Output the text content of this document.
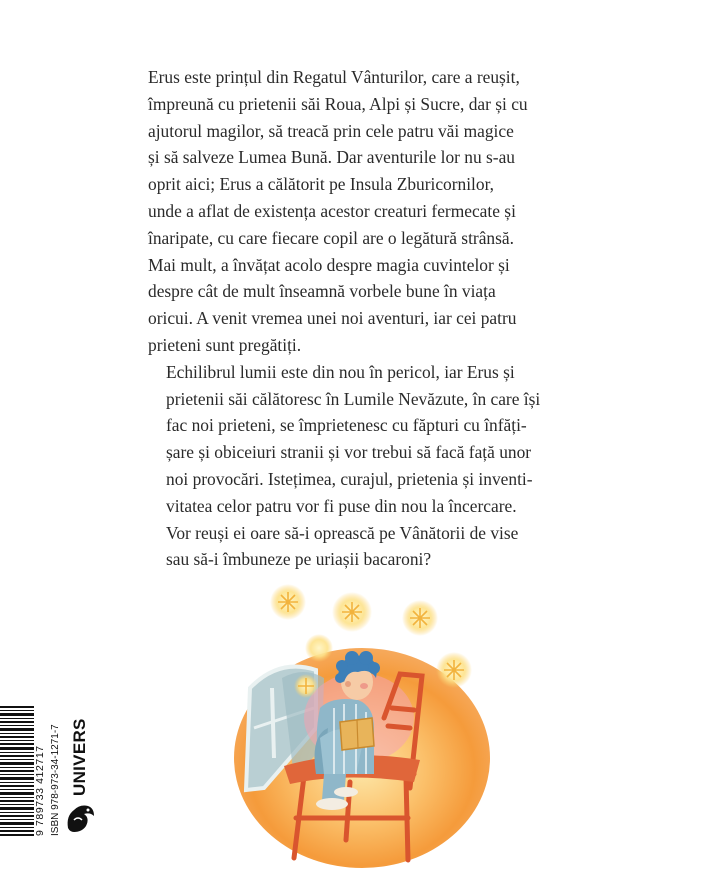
Erus este prințul din Regatul Vânturilor, care a reușit,
împreună cu prietenii săi Roua, Alpi și Sucre, dar și cu
ajutorul magilor, să treacă prin cele patru văi magice
și să salveze Lumea Bună. Dar aventurile lor nu s-au
oprit aici; Erus a călătorit pe Insula Zburicornilor,
unde a aflat de existența acestor creaturi fermecate și
înaripate, cu care fiecare copil are o legătură strânsă.
Mai mult, a învățat acolo despre magia cuvintelor și
despre cât de mult înseamnă vorbele bune în viața
oricui. A venit vremea unei noi aventuri, iar cei patru
prieteni sunt pregătiți.

Echilibrul lumii este din nou în pericol, iar Erus și
prietenii săi călătoresc în Lumile Nevăzute, în care își
fac noi prieteni, se împrietenesc cu făpturi cu înfăți-
șare și obiceiuri stranii și vor trebui să facă față unor
noi provocări. Istețimea, curajul, prietenia și inventi-
vitatea celor patru vor fi puse din nou la încercare.

Vor reuși ei oare să-i oprească pe Vânătorii de vise
sau să-i îmbuneze pe uriașii bacaroni?

9 789733 412717 ISBN 978-973-34-1271-7 UNIVERS
